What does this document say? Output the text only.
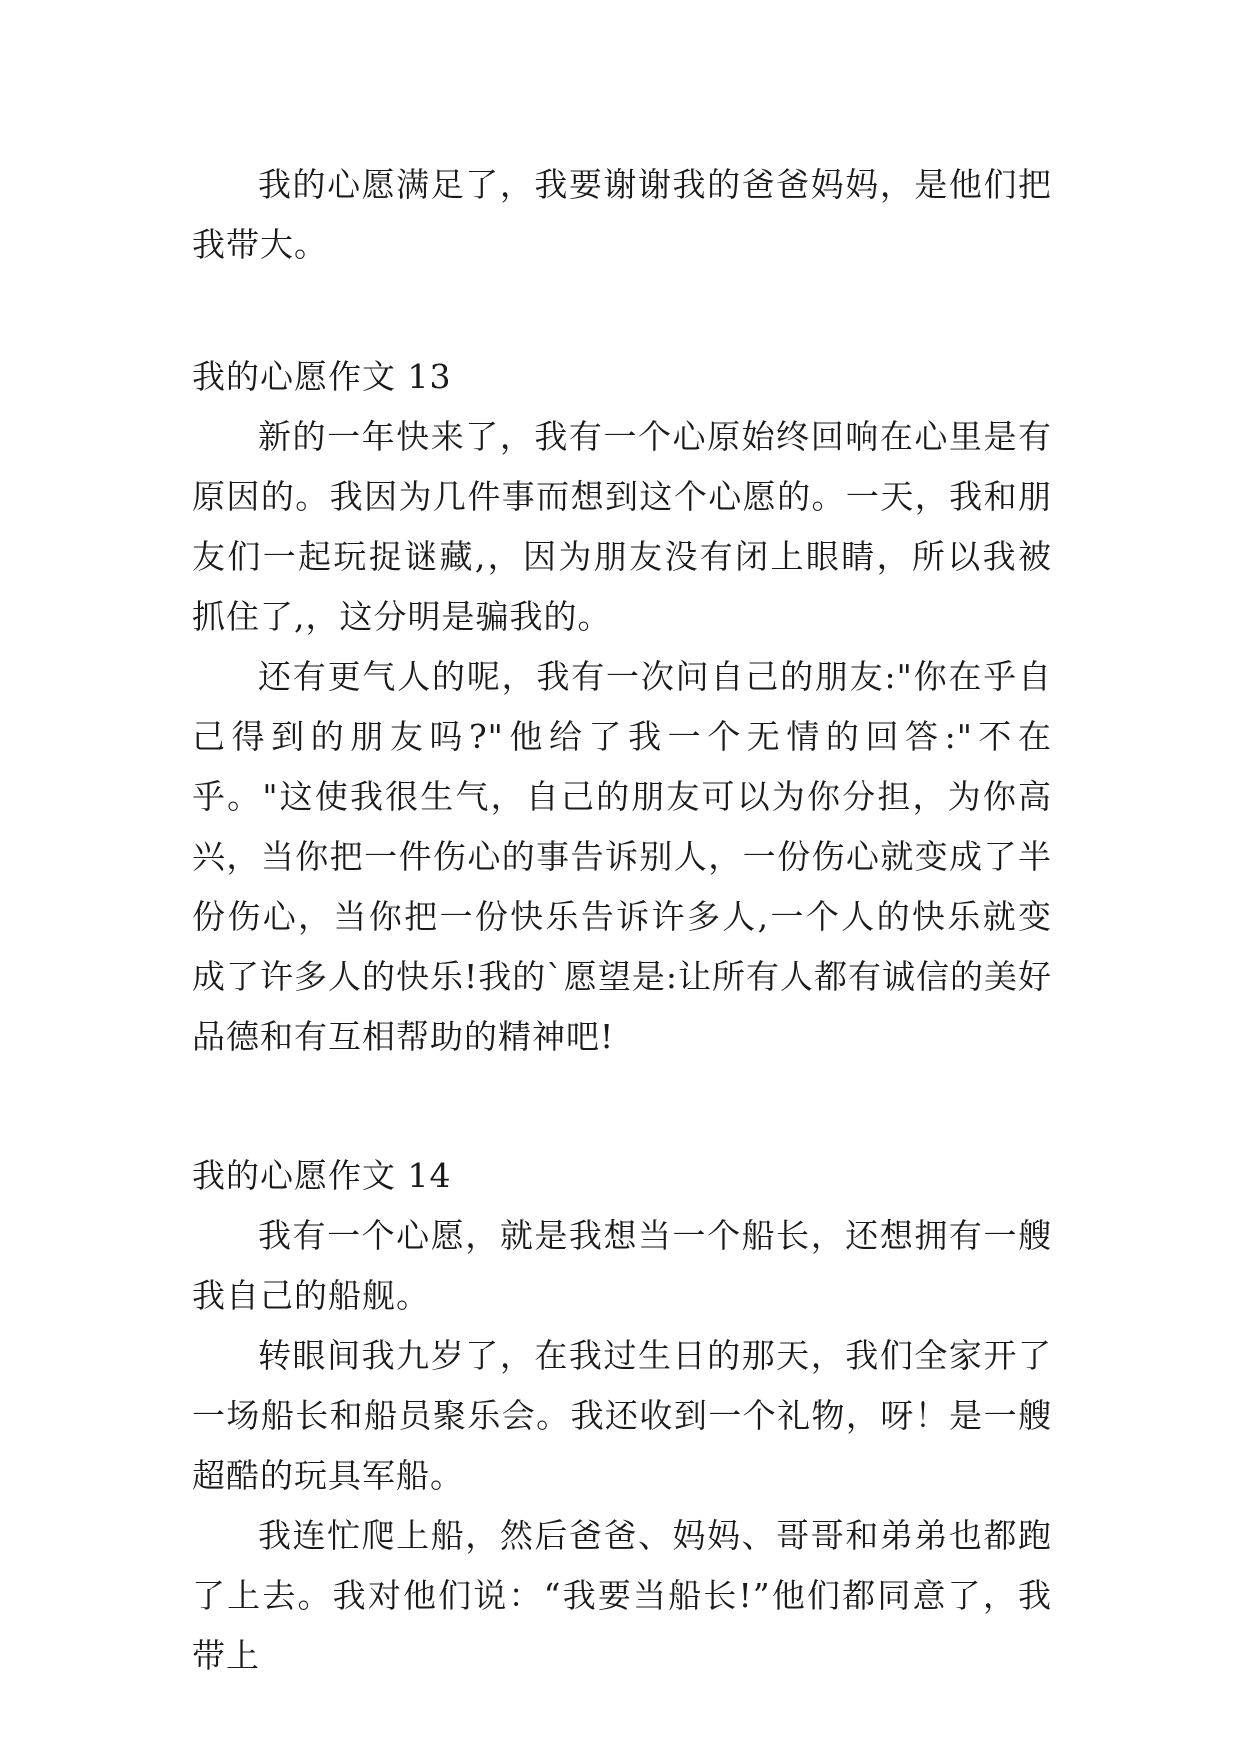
我的心愿满足了，我要谢谢我的爸爸妈妈，是他们把我带大。

我的心愿作文 13

新的一年快来了，我有一个心原始终回响在心里是有原因的。我因为几件事而想到这个心愿的。一天，我和朋友们一起玩捉谜藏,，因为朋友没有闭上眼睛，所以我被抓住了,，这分明是骗我的。

还有更气人的呢，我有一次问自己的朋友:"你在乎自己得到的朋友吗?"他给了我一个无情的回答:"不在乎。"这使我很生气，自己的朋友可以为你分担，为你高兴，当你把一件伤心的事告诉别人，一份伤心就变成了半份伤心，当你把一份快乐告诉许多人,一个人的快乐就变成了许多人的快乐!我的`愿望是:让所有人都有诚信的美好品德和有互相帮助的精神吧!

我的心愿作文 14

我有一个心愿，就是我想当一个船长，还想拥有一艘我自己的船舰。

转眼间我九岁了，在我过生日的那天，我们全家开了一场船长和船员聚乐会。我还收到一个礼物，呀！是一艘超酷的玩具军船。

我连忙爬上船，然后爸爸、妈妈、哥哥和弟弟也都跑了上去。我对他们说：“我要当船长!”他们都同意了，我带上
